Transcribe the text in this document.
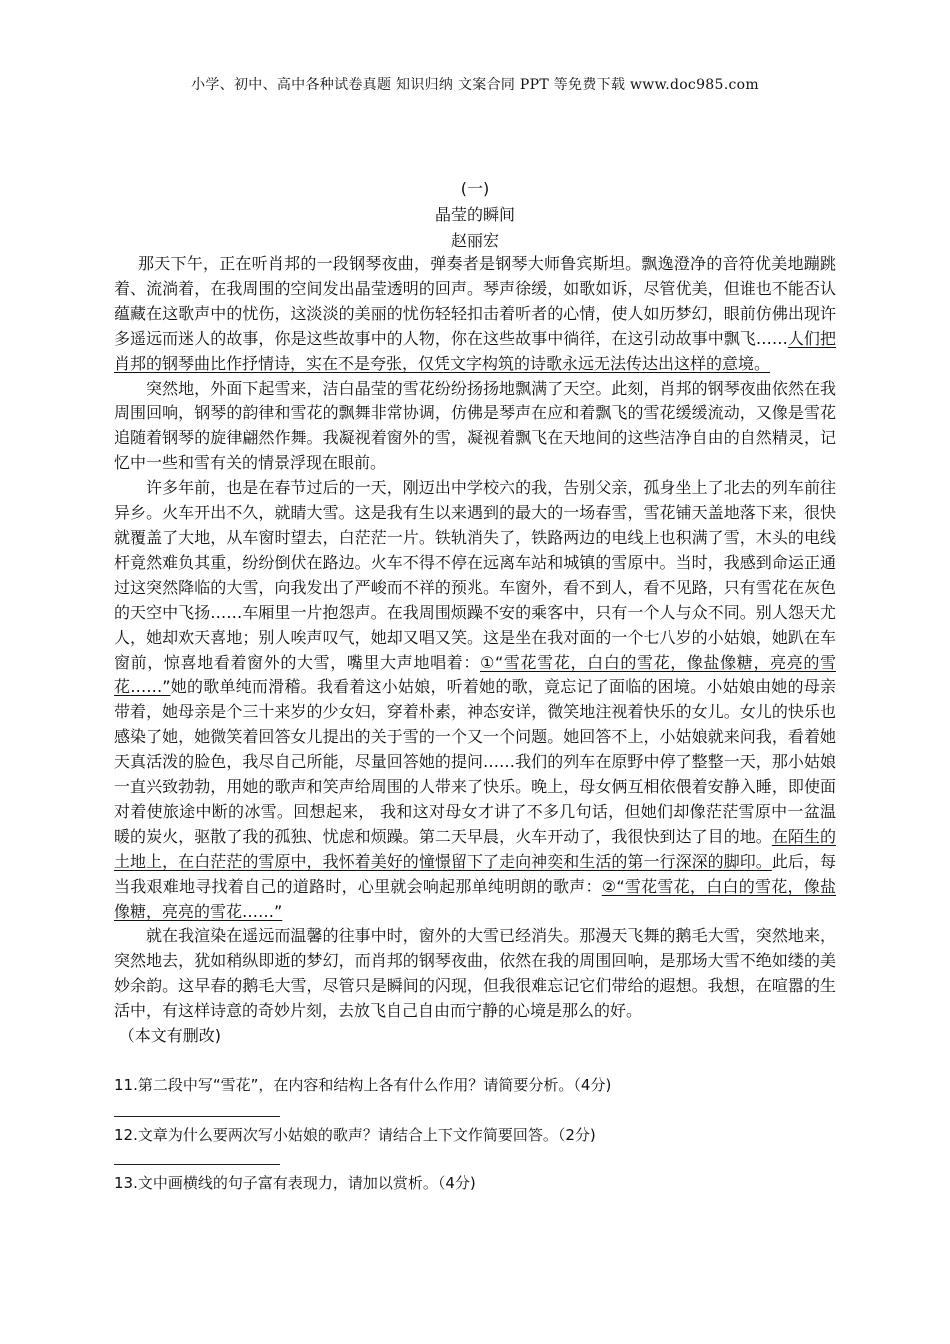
小学、初中、高中各种试卷真题 知识归纳 文案合同 PPT 等免费下载 www.doc985.com
(一)
晶莹的瞬间
赵丽宏

那天下午，正在听肖邦的一段钢琴夜曲，弹奏者是钢琴大师鲁宾斯坦。飘逸澄净的音符优美地蹦跳着、流淌着，在我周围的空间发出晶莹透明的回声。琴声徐缓，如歌如诉，尽管优美，但谁也不能否认蕴藏在这歌声中的忧伤，这淡淡的美丽的忧伤轻轻扣击着听者的心情，使人如历梦幻，眼前仿佛出现许多遥远而迷人的故事，你是这些故事中的人物，你在这些故事中徜徉，在这引动故事中飘飞……人们把肖邦的钢琴曲比作抒情诗，实在不是夸张，仅凭文字构筑的诗歌永远无法传达出这样的意境。

突然地，外面下起雪来，洁白晶莹的雪花纷纷扬扬地飘满了天空。此刻，肖邦的钢琴夜曲依然在我周围回响，钢琴的韵律和雪花的飘舞非常协调，仿佛是琴声在应和着飘飞的雪花缓缓流动，又像是雪花追随着钢琴的旋律翩然作舞。我凝视着窗外的雪，凝视着飘飞在天地间的这些洁净自由的自然精灵，记忆中一些和雪有关的情景浮现在眼前。

许多年前，也是在春节过后的一天，刚迈出中学校六的我，告别父亲，孤身坐上了北去的列车前往异乡。火车开出不久，就睛大雪。这是我有生以来遇到的最大的一场春雪，雪花铺天盖地落下来，很快就覆盖了大地，从车窗时望去，白茫茫一片。铁轨消失了，铁路两边的电线上也积满了雪，木头的电线杆竟然难负其重，纷纷倒伏在路边。火车不得不停在远离车站和城镇的雪原中。当时，我感到命运正通过这突然降临的大雪，向我发出了严峻而不祥的预兆。车窗外，看不到人，看不见路，只有雪花在灰色的天空中飞扬……车厢里一片抱怨声。在我周围烦躁不安的乘客中，只有一个人与众不同。别人怨天尤人，她却欢天喜地；别人唉声叹气，她却又唱又笑。这是坐在我对面的一个七八岁的小姑娘，她趴在车窗前，惊喜地看着窗外的大雪，嘴里大声地唱着：①“雪花雪花，白白的雪花，像盐像糖，亮亮的雪花……”她的歌单纯而滑稽。我看着这小姑娘，听着她的歌，竟忘记了面临的困境。小姑娘由她的母亲带着，她母亲是个三十来岁的少女妇，穿着朴素，神态安详，微笑地注视着快乐的女儿。女儿的快乐也感染了她，她微笑着回答女儿提出的关于雪的一个又一个问题。她回答不上，小姑娘就来问我，看着她天真活泼的脸色，我尽自己所能，尽量回答她的提问……我们的列车在原野中停了整整一天，那小姑娘一直兴致勃勃，用她的歌声和笑声给周围的人带来了快乐。晚上，母女俩互相依偎着安静入睡，即使面对着使旅途中断的冰雪。回想起来， 我和这对母女才讲了不多几句话，但她们却像茫茫雪原中一盆温暖的炭火，驱散了我的孤独、忧虑和烦躁。第二天早晨，火车开动了，我很快到达了目的地。在陌生的土地上，在白茫茫的雪原中，我怀着美好的憧憬留下了走向神奕和生活的第一行深深的脚印。此后，每当我艰难地寻找着自己的道路时，心里就会响起那单纯明朗的歌声：②“雪花雪花，白白的雪花，像盐像糖，亮亮的雪花……”

就在我渲染在遥远而温馨的往事中时，窗外的大雪已经消失。那漫天飞舞的鹅毛大雪，突然地来，突然地去，犹如稍纵即逝的梦幻，而肖邦的钢琴夜曲，依然在我的周围回响，是那场大雪不绝如缕的美妙余韵。这早春的鹅毛大雪，尽管只是瞬间的闪现，但我很难忘记它们带给的遐想。我想，在喧嚣的生活中，有这样诗意的奇妙片刻，去放飞自己自由而宁静的心境是那么的好。

（本文有删改)

11.第二段中写“雪花”，在内容和结构上各有什么作用？请简要分析。（4分)
12.文章为什么要两次写小姑娘的歌声？请结合上下文作简要回答。（2分)
13.文中画横线的句子富有表现力，请加以赏析。（4分)
